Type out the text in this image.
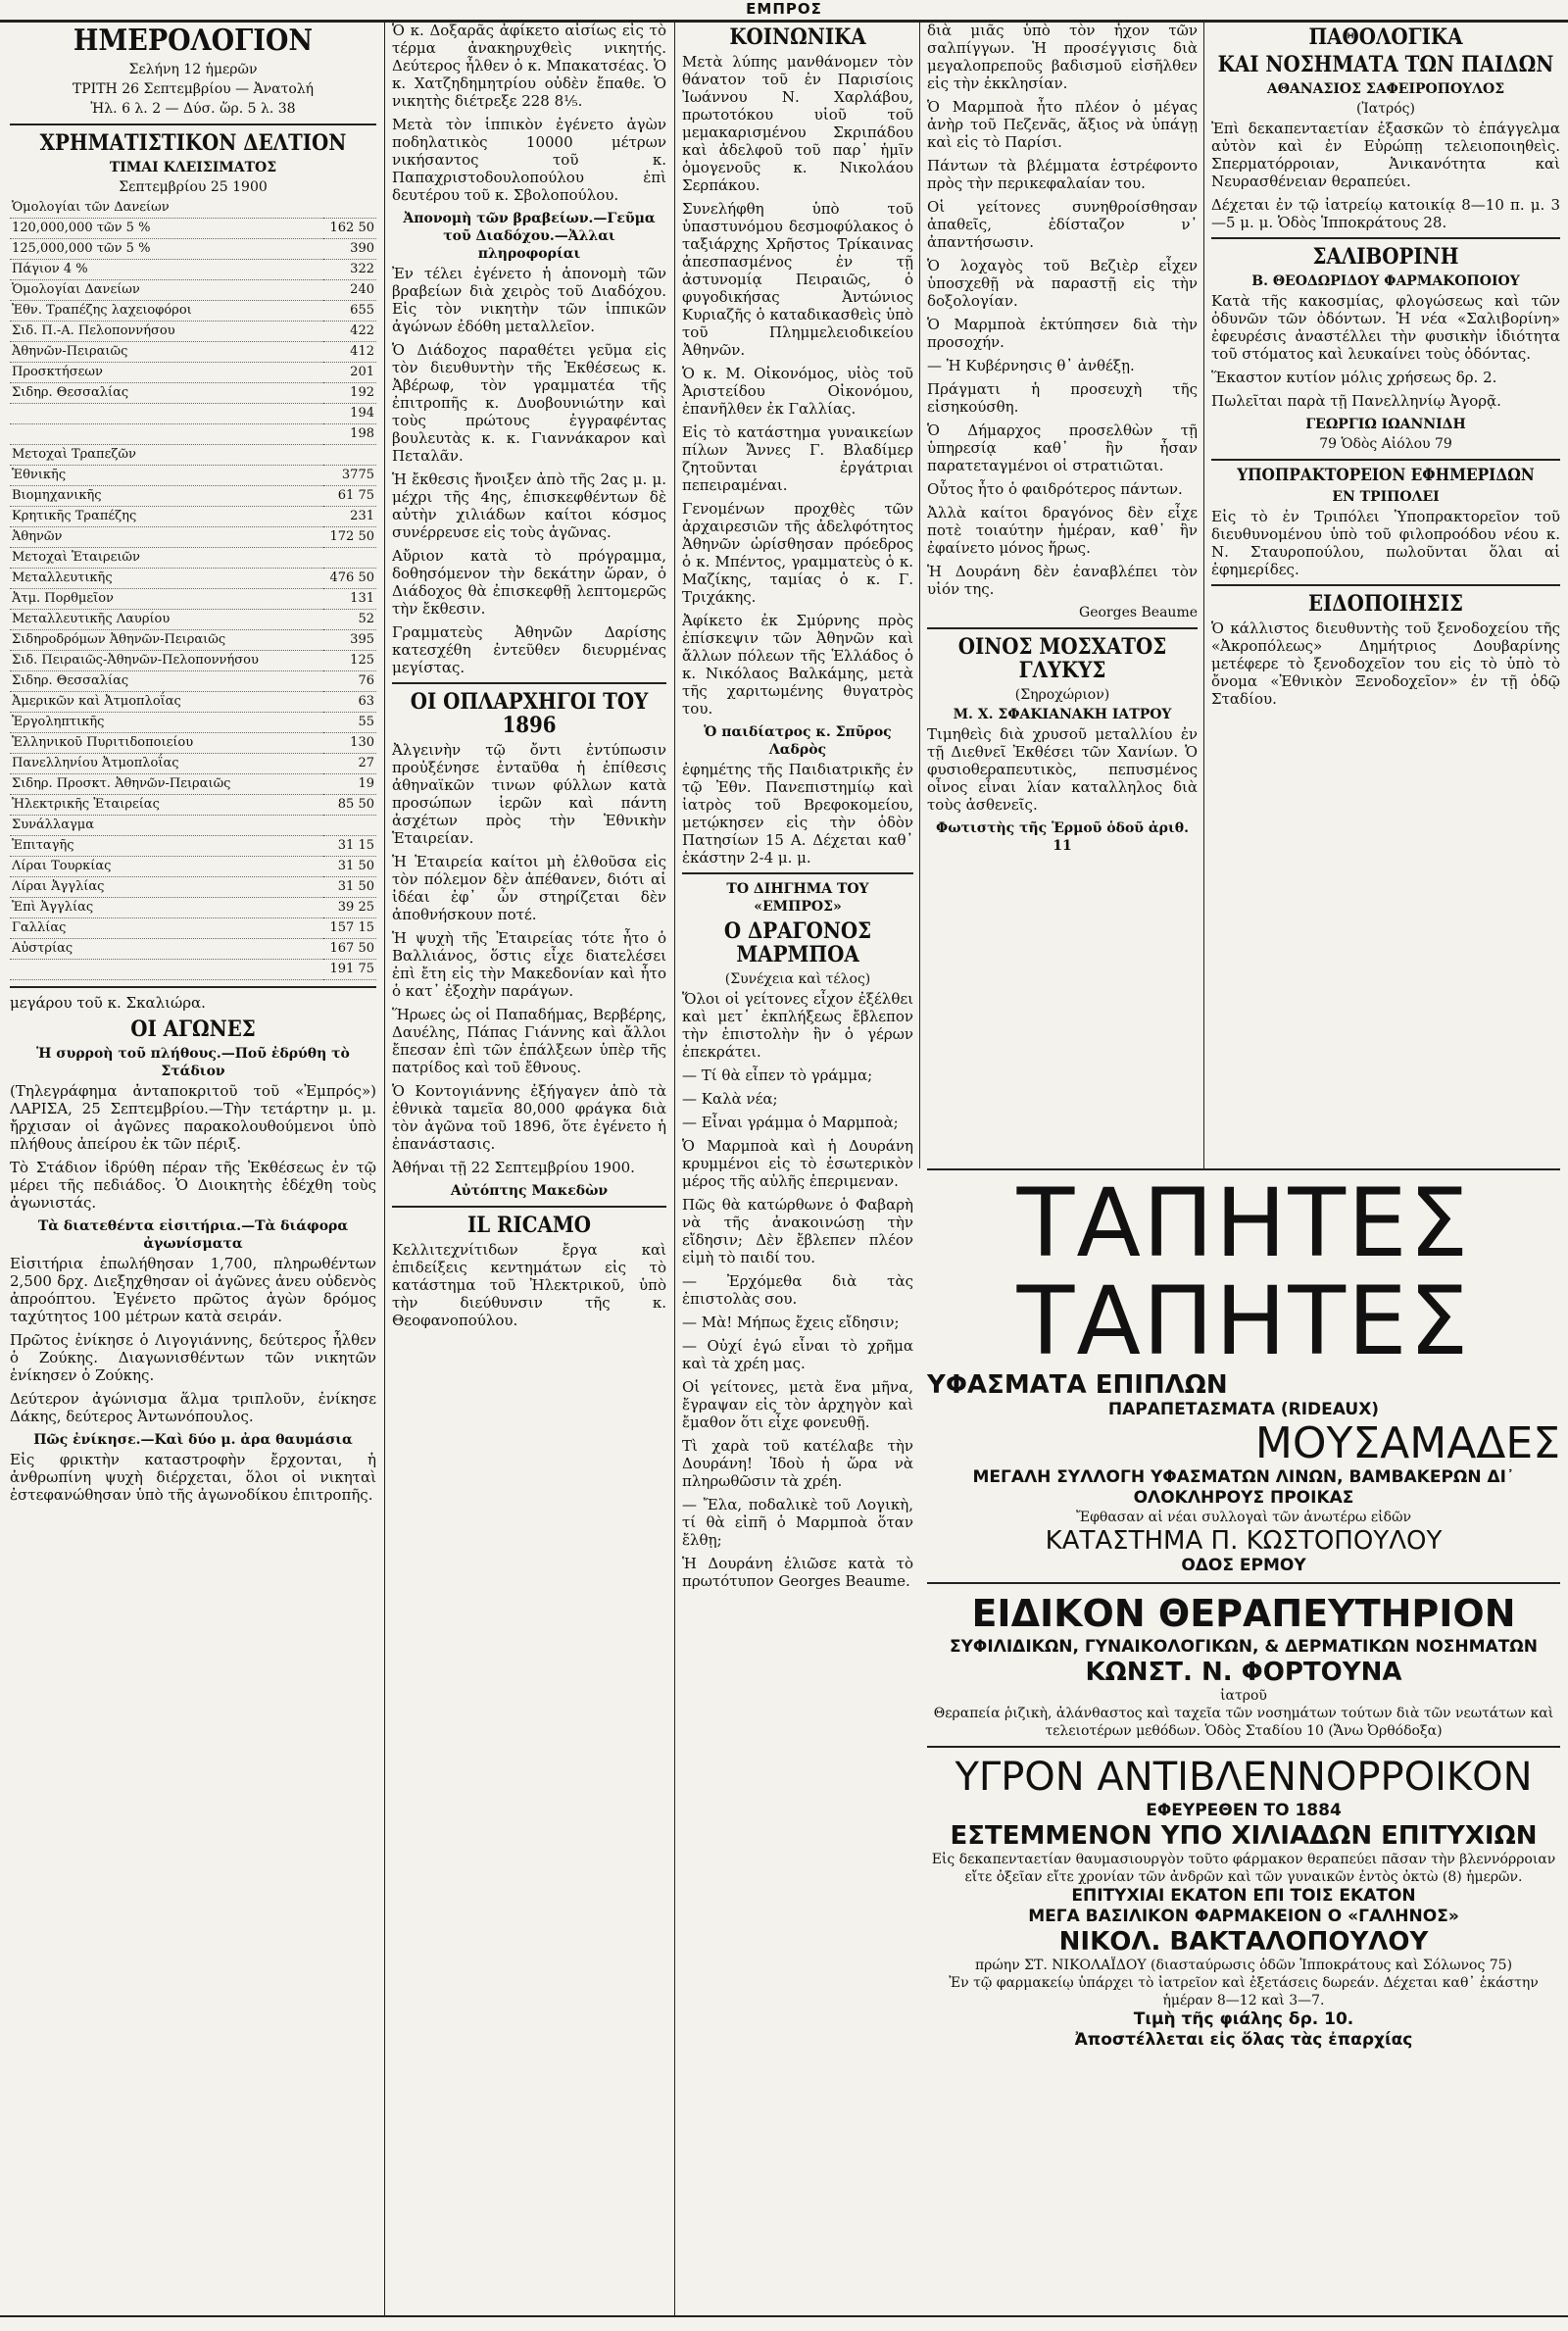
ΕΜΠΡΟΣ
ΗΜΕΡΟΛΟΓΙΟΝ
Σελήνη 12 ἡμερῶν
ΤΡΙΤΗ 26 Σεπτεμβρίου — Ἀνατολή
Ἡλ. 6 λ. 2 — Δύσ. ὥρ. 5 λ. 38
ΧΡΗΜΑΤΙΣΤΙΚΟΝ ΔΕΛΤΙΟΝ
ΤΙΜΑΙ ΚΛΕΙΣΙΜΑΤΟΣ
Σεπτεμβρίου 25 1900
Ὁμολογίαι τῶν Δανείων	
120,000,000 τῶν 5 %	162 50
125,000,000 τῶν 5 %	390
Πάγιον 4 %	322
Ὁμολογίαι Δανείων	240
Ἐθν. Τραπέζης λαχειοφόροι	655
Σιδ. Π.-Α. Πελοποννήσου	422
Ἀθηνῶν-Πειραιῶς	412
Προσκτήσεων	201
Σιδηρ. Θεσσαλίας	192
	194
	198
Μετοχαὶ Τραπεζῶν	
Ἐθνικῆς	3775
Βιομηχανικῆς	61 75
Κρητικῆς Τραπέζης	231
Ἀθηνῶν	172 50
Μετοχαὶ Ἑταιρειῶν	
Μεταλλευτικῆς	476 50
Ἀτμ. Πορθμεῖον	131
Μεταλλευτικῆς Λαυρίου	52
Σιδηροδρόμων Ἀθηνῶν-Πειραιῶς	395
Σιδ. Πειραιῶς-Ἀθηνῶν-Πελοποννήσου	125
Σιδηρ. Θεσσαλίας	76
Ἀμερικῶν καὶ Ἀτμοπλοΐας	63
Ἐργοληπτικῆς	55
Ἑλληνικοῦ Πυριτιδοποιείου	130
Πανελληνίου Ἀτμοπλοΐας	27
Σιδηρ. Προσκτ. Ἀθηνῶν-Πειραιῶς	19
Ἠλεκτρικῆς Ἑταιρείας	85 50
Συνάλλαγμα	
Ἐπιταγῆς	31 15
Λίραι Τουρκίας	31 50
Λίραι Ἀγγλίας	31 50
Ἐπὶ Ἀγγλίας	39 25
Γαλλίας	157 15
Αὐστρίας	167 50
	191 75

μεγάρου τοῦ κ. Σκαλιώρα.

ΟΙ ΑΓΩΝΕΣ
Ἡ συρροὴ τοῦ πλήθους.—Ποῦ ἐδρύθη τὸ Στάδιον

(Τηλεγράφημα ἀνταποκριτοῦ τοῦ «Ἐμπρός») ΛΑΡΙΣΑ, 25 Σεπτεμβρίου.—Τὴν τετάρτην μ. μ. ἤρχισαν οἱ ἀγῶνες παρακολουθούμενοι ὑπὸ πλήθους ἀπείρου ἐκ τῶν πέριξ.

Τὸ Στάδιον ἱδρύθη πέραν τῆς Ἐκθέσεως ἐν τῷ μέρει τῆς πεδιάδος. Ὁ Διοικητὴς ἐδέχθη τοὺς ἀγωνιστάς.

Τὰ διατεθέντα εἰσιτήρια.—Τὰ διάφορα ἀγωνίσματα

Εἰσιτήρια ἐπωλήθησαν 1,700, πληρωθέντων 2,500 δρχ. Διεξηχθησαν οἱ ἀγῶνες ἀνευ οὐδενὸς ἀπροόπτου. Ἐγένετο πρῶτος ἀγὼν δρόμος ταχύτητος 100 μέτρων κατὰ σειράν.

Πρῶτος ἐνίκησε ὁ Λιγογιάννης, δεύτερος ἦλθεν ὁ Ζούκης. Διαγωνισθέντων τῶν νικητῶν ἐνίκησεν ὁ Ζούκης.

Δεύτερον ἀγώνισμα ἅλμα τριπλοῦν, ἐνίκησε Δάκης, δεύτερος Ἀντωνόπουλος.

Πῶς ἐνίκησε.—Καὶ δύο μ. ἀρα θαυμάσια

Εἰς φρικτὴν καταστροφὴν ἔρχονται, ἡ ἀνθρωπίνη ψυχὴ διέρχεται, ὅλοι οἱ νικηταὶ ἐστεφανώθησαν ὑπὸ τῆς ἀγωνοδίκου ἐπιτροπῆς.

Ὁ κ. Δοξαρᾶς ἀφίκετο αἰσίως εἰς τὸ τέρμα ἀνακηρυχθεὶς νικητής. Δεύτερος ἦλθεν ὁ κ. Μπακατσέας. Ὁ κ. Χατζηδημητρίου οὐδὲν ἔπαθε. Ὁ νικητὴς διέτρεξε 228 8⅕.

Μετὰ τὸν ἱππικὸν ἐγένετο ἀγὼν ποδηλατικὸς 10000 μέτρων νικήσαντος τοῦ κ. Παπαχριστοδουλοπούλου ἐπὶ δευτέρου τοῦ κ. Σβολοπούλου.

Ἀπονομὴ τῶν βραβείων.—Γεῦμα τοῦ Διαδόχου.—Ἀλλαι πληροφορίαι

Ἐν τέλει ἐγένετο ἡ ἀπονομὴ τῶν βραβείων διὰ χειρὸς τοῦ Διαδόχου. Εἰς τὸν νικητὴν τῶν ἱππικῶν ἀγώνων ἐδόθη μεταλλεῖον.

Ὁ Διάδοχος παραθέτει γεῦμα εἰς τὸν διευθυντὴν τῆς Ἐκθέσεως κ. Ἀβέρωφ, τὸν γραμματέα τῆς ἐπιτροπῆς κ. Δυοβουνιώτην καὶ τοὺς πρώτους ἐγγραφέντας βουλευτὰς κ. κ. Γιαννάκαρον καὶ Πεταλᾶν.

Ἡ ἔκθεσις ἤνοιξεν ἀπὸ τῆς 2ας μ. μ. μέχρι τῆς 4ης, ἐπισκεφθέντων δὲ αὐτὴν χιλιάδων καίτοι κόσμος συνέρρευσε εἰς τοὺς ἀγῶνας.

Αὔριον κατὰ τὸ πρόγραμμα, δοθησόμενον τὴν δεκάτην ὥραν, ὁ Διάδοχος θὰ ἐπισκεφθῇ λεπτομερῶς τὴν ἔκθεσιν.

Γραμματεὺς Ἀθηνῶν Δαρίσης κατεσχέθη ἐντεῦθεν διευρμένας μεγίστας.

ΟΙ ΟΠΛΑΡΧΗΓΟΙ ΤΟΥ 1896

Ἀλγεινὴν τῷ ὄντι ἐντύπωσιν προὐξένησε ἐνταῦθα ἡ ἐπίθεσις ἀθηναϊκῶν τινων φύλλων κατὰ προσώπων ἱερῶν καὶ πάντη ἀσχέτων πρὸς τὴν Ἑθνικὴν Ἑταιρείαν.

Ἡ Ἑταιρεία καίτοι μὴ ἐλθοῦσα εἰς τὸν πόλεμον δὲν ἀπέθανεν, διότι αἱ ἰδέαι ἐφ᾽ ὧν στηρίζεται δὲν ἀποθνήσκουν ποτέ.

Ἡ ψυχὴ τῆς Ἑταιρείας τότε ἦτο ὁ Βαλλιάνος, ὅστις εἶχε διατελέσει ἐπὶ ἔτη εἰς τὴν Μακεδονίαν καὶ ἦτο ὁ κατ᾽ ἐξοχὴν παράγων.

Ἥρωες ὡς οἱ Παπαδήμας, Βερβέρης, Δαυέλης, Πάπας Γιάννης καὶ ἄλλοι ἔπεσαν ἐπὶ τῶν ἐπάλξεων ὑπὲρ τῆς πατρίδος καὶ τοῦ ἔθνους.

Ὁ Κοντογιάννης ἐξήγαγεν ἀπὸ τὰ ἐθνικὰ ταμεῖα 80,000 φράγκα διὰ τὸν ἀγῶνα τοῦ 1896, ὅτε ἐγένετο ἡ ἐπανάστασις.

Ἀθήναι τῇ 22 Σεπτεμβρίου 1900.

Αὐτόπτης Μακεδὼν
IL RICAMO

Κελλιτεχνίτιδων ἔργα καὶ ἐπιδείξεις κεντημάτων εἰς τὸ κατάστημα τοῦ Ἠλεκτρικοῦ, ὑπὸ τὴν διεύθυνσιν τῆς κ. Θεοφανοπούλου.

ΚΟΙΝΩΝΙΚΑ

Μετὰ λύπης μανθάνομεν τὸν θάνατον τοῦ ἐν Παρισίοις Ἰωάννου Ν. Χαρλάβου, πρωτοτόκου υἱοῦ τοῦ μεμακαρισμένου Σκριπάδου καὶ ἀδελφοῦ τοῦ παρ᾽ ἡμῖν ὁμογενοῦς κ. Νικολάου Σερπάκου.

Συνελήφθη ὑπὸ τοῦ ὑπαστυνόμου δεσμοφύλακος ὁ ταξιάρχης Χρῆστος Τρίκαινας ἀπεσπασμένος ἐν τῇ ἀστυνομίᾳ Πειραιῶς, ὁ φυγοδικήσας Ἀντώνιος Κυριαζῆς ὁ καταδικασθεὶς ὑπὸ τοῦ Πλημμελειοδικείου Ἀθηνῶν.

Ὁ κ. Μ. Οἰκονόμος, υἱὸς τοῦ Ἀριστείδου Οἰκονόμου, ἐπανῆλθεν ἐκ Γαλλίας.

Εἰς τὸ κατάστημα γυναικείων πίλων Ἄννες Γ. Βλαδίμερ ζητοῦνται ἐργάτριαι πεπειραμέναι.

Γενομένων προχθὲς τῶν ἀρχαιρεσιῶν τῆς ἀδελφότητος Ἀθηνῶν ὡρίσθησαν πρόεδρος ὁ κ. Μπέντος, γραμματεὺς ὁ κ. Μαζίκης, ταμίας ὁ κ. Γ. Τριχάκης.

Ἀφίκετο ἐκ Σμύρνης πρὸς ἐπίσκεψιν τῶν Ἀθηνῶν καὶ ἄλλων πόλεων τῆς Ἑλλάδος ὁ κ. Νικόλαος Βαλκάμης, μετὰ τῆς χαριτωμένης θυγατρὸς του.

Ὁ παιδίατρος κ. Σπῦρος Λαδρὸς

ἐφημέτης τῆς Παιδιατρικῆς ἐν τῷ Ἐθν. Πανεπιστημίῳ καὶ ἰατρὸς τοῦ Βρεφοκομείου, μετῴκησεν εἰς τὴν ὁδὸν Πατησίων 15 Α. Δέχεται καθ᾽ ἑκάστην 2-4 μ. μ.

ΤΟ ΔΙΗΓΗΜΑ ΤΟΥ «ΕΜΠΡΟΣ»
Ο ΔΡΑΓΟΝΟΣ ΜΑΡΜΠΟΑ
(Συνέχεια καὶ τέλος)

Ὅλοι οἱ γείτονες εἶχον ἐξέλθει καὶ μετ᾽ ἐκπλήξεως ἔβλεπον τὴν ἐπιστολὴν ἣν ὁ γέρων ἐπεκράτει.

— Τί θὰ εἶπεν τὸ γράμμα;

— Καλὰ νέα;

— Εἶναι γράμμα ὁ Μαρμποὰ;

Ὁ Μαρμποὰ καὶ ἡ Δουράνη κρυμμένοι εἰς τὸ ἐσωτερικὸν μέρος τῆς αὐλῆς ἐπεριμεναν.

Πῶς θὰ κατώρθωνε ὁ Φαβαρὴ νὰ τῆς ἀνακοινώσῃ τὴν εἴδησιν; Δὲν ἔβλεπεν πλέον εἰμὴ τὸ παιδί του.

— Ἐρχόμεθα διὰ τὰς ἐπιστολὰς σου.

— Μὰ! Μήπως ἔχεις εἴδησιν;

— Οὐχί ἐγώ εἶναι τὸ χρῆμα καὶ τὰ χρέη μας.

Οἱ γείτονες, μετὰ ἕνα μῆνα, ἔγραψαν εἰς τὸν ἀρχηγὸν καὶ ἔμαθον ὅτι εἶχε φονευθῇ.

Τὶ χαρὰ τοῦ κατέλαβε τὴν Δουράνη! Ἰδοὺ ἡ ὥρα νὰ πληρωθῶσιν τὰ χρέη.

— Ἔλα, ποδαλικὲ τοῦ Λογικὴ, τί θὰ εἰπῆ ὁ Μαρμποὰ ὅταν ἔλθῃ;

Ἡ Δουράνη ἐλιῶσε κατὰ τὸ πρωτότυπον Georges Beaume.

διὰ μιᾶς ὑπὸ τὸν ἦχον τῶν σαλπίγγων. Ἡ προσέγγισις διὰ μεγαλοπρεποῦς βαδισμοῦ εἰσῆλθεν εἰς τὴν ἐκκλησίαν.

Ὁ Μαρμποὰ ἦτο πλέον ὁ μέγας ἀνὴρ τοῦ Πεζενᾶς, ἄξιος νὰ ὑπάγῃ καὶ εἰς τὸ Παρίσι.

Πάντων τὰ βλέμματα ἐστρέφοντο πρὸς τὴν περικεφαλαίαν του.

Οἱ γείτονες συνηθροίσθησαν ἀπαθεῖς, ἐδίσταζον ν᾽ ἀπαντήσωσιν.

Ὁ λοχαγὸς τοῦ Βεζιὲρ εἶχεν ὑποσχεθῇ νὰ παραστῇ εἰς τὴν δοξολογίαν.

Ὁ Μαρμποὰ ἐκτύπησεν διὰ τὴν προσοχήν.

— Ἡ Κυβέρνησις θ᾽ ἀνθέξῃ.

Πράγματι ἡ προσευχὴ τῆς εἰσηκούσθη.

Ὁ Δήμαρχος προσελθὼν τῇ ὑπηρεσίᾳ καθ᾽ ἣν ἦσαν παρατεταγμένοι οἱ στρατιῶται.

Οὗτος ἦτο ὁ φαιδρότερος πάντων.

Ἀλλὰ καίτοι δραγόνος δὲν εἶχε ποτὲ τοιαύτην ἡμέραν, καθ᾽ ἣν ἐφαίνετο μόνος ἥρως.

Ἡ Δουράνη δὲν ἐαναβλέπει τὸν υἱόν της.

Georges Beaume
ΟΙΝΟΣ ΜΟΣΧΑΤΟΣ ΓΛΥΚΥΣ
(Σηροχώριον)
Μ. Χ. ΣΦΑΚΙΑΝΑΚΗ ΙΑΤΡΟΥ

Τιμηθεὶς διὰ χρυσοῦ μεταλλίου ἐν τῇ Διεθνεῖ Ἐκθέσει τῶν Χανίων. Ὁ φυσιοθεραπευτικὸς, πεπυσμένος οἶνος εἶναι λίαν καταλληλος διὰ τοὺς ἀσθενεῖς.

Φωτιστὴς τῆς Ἑρμοῦ ὁδοῦ ἀριθ. 11
ΠΑΘΟΛΟΓΙΚΑ
ΚΑΙ ΝΟΣΗΜΑΤΑ ΤΩΝ ΠΑΙΔΩΝ
ΑΘΑΝΑΣΙΟΣ ΣΑΦΕΙΡΟΠΟΥΛΟΣ
(Ἰατρός)

Ἐπὶ δεκαπενταετίαν ἐξασκῶν τὸ ἐπάγγελμα αὐτὸν καὶ ἐν Εὐρώπῃ τελειοποιηθεὶς. Σπερματόρροιαν, Ἀνικανότητα καὶ Νευρασθένειαν θεραπεύει.

Δέχεται ἐν τῷ ἰατρείῳ κατοικίᾳ 8—10 π. μ. 3—5 μ. μ. Ὁδὸς Ἱπποκράτους 28.

ΣΑΛΙΒΟΡΙΝΗ
Β. ΘΕΟΔΩΡΙΔΟΥ ΦΑΡΜΑΚΟΠΟΙΟΥ

Κατὰ τῆς κακοσμίας, φλογώσεως καὶ τῶν ὀδυνῶν τῶν ὀδόντων. Ἡ νέα «Σαλιβορίνη» ἐφευρέσις ἀναστέλλει τὴν φυσικὴν ἰδιότητα τοῦ στόματος καὶ λευκαίνει τοὺς ὀδόντας.

Ἕκαστον κυτίον μόλις χρήσεως δρ. 2.

Πωλεῖται παρὰ τῇ Πανελληνίῳ Ἀγορᾷ.

ΓΕΩΡΓΙΩ ΙΩΑΝΝΙΔΗ
79 Ὁδὸς Αἰόλου 79
ΥΠΟΠΡΑΚΤΟΡΕΙΟΝ ΕΦΗΜΕΡΙΔΩΝ
ΕΝ ΤΡΙΠΟΛΕΙ

Εἰς τὸ ἐν Τριπόλει Ὑποπρακτορεῖον τοῦ διευθυνομένου ὑπὸ τοῦ φιλοπροόδου νέου κ. Ν. Σταυροπούλου, πωλοῦνται ὅλαι αἱ ἐφημερίδες.

ΕΙΔΟΠΟΙΗΣΙΣ

Ὁ κάλλιστος διευθυντὴς τοῦ ξενοδοχείου τῆς «Ἀκροπόλεως» Δημήτριος Δουβαρίνης μετέφερε τὸ ξενοδοχεῖον του εἰς τὸ ὑπὸ τὸ ὄνομα «Ἐθνικὸν Ξενοδοχεῖον» ἐν τῇ ὁδῷ Σταδίου.

ΤΑΠΗΤΕΣ ΤΑΠΗΤΕΣ
ΥΦΑΣΜΑΤΑ ΕΠΙΠΛΩΝ
ΠΑΡΑΠΕΤΑΣΜΑΤΑ (RIDEAUX)
ΜΟΥΣΑΜΑΔΕΣ
ΜΕΓΑΛΗ ΣΥΛΛΟΓΗ ΥΦΑΣΜΑΤΩΝ ΛΙΝΩΝ, ΒΑΜΒΑΚΕΡΩΝ ΔΙ᾽ ΟΛΟΚΛΗΡΟΥΣ ΠΡΟΙΚΑΣ
Ἔφθασαν αἱ νέαι συλλογαὶ τῶν ἀνωτέρω εἰδῶν
ΚΑΤΑΣΤΗΜΑ Π. ΚΩΣΤΟΠΟΥΛΟΥ
ΟΔΟΣ ΕΡΜΟΥ
ΕΙΔΙΚΟΝ ΘΕΡΑΠΕΥΤΗΡΙΟΝ
ΣΥΦΙΛΙΔΙΚΩΝ, ΓΥΝΑΙΚΟΛΟΓΙΚΩΝ, & ΔΕΡΜΑΤΙΚΩΝ ΝΟΣΗΜΑΤΩΝ
ΚΩΝΣΤ. Ν. ΦΟΡΤΟΥΝΑ
ἰατροῦ
Θεραπεία ῥιζικὴ, ἀλάνθαστος καὶ ταχεῖα τῶν νοσημάτων τούτων διὰ τῶν νεωτάτων καὶ τελειοτέρων μεθόδων. Ὁδὸς Σταδίου 10 (Ἄνω Ὀρθόδοξα)
ΥΓΡΟΝ ΑΝΤΙΒΛΕΝΝΟΡΡΟΙΚΟΝ
ΕΦΕΥΡΕΘΕΝ ΤΟ 1884
ΕΣΤΕΜΜΕΝΟΝ ΥΠΟ ΧΙΛΙΑΔΩΝ ΕΠΙΤΥΧΙΩΝ
Εἰς δεκαπενταετίαν θαυμασιουργὸν τοῦτο φάρμακον θεραπεύει πᾶσαν τὴν βλεννόρροιαν εἴτε ὀξεῖαν εἴτε χρονίαν τῶν ἀνδρῶν καὶ τῶν γυναικῶν ἐντὸς ὀκτὼ (8) ἡμερῶν.
ΕΠΙΤΥΧΙΑΙ ΕΚΑΤΟΝ ΕΠΙ ΤΟΙΣ ΕΚΑΤΟΝ
ΜΕΓΑ ΒΑΣΙΛΙΚΟΝ ΦΑΡΜΑΚΕΙΟΝ Ο «ΓΑΛΗΝΟΣ»
ΝΙΚΟΛ. ΒΑΚΤΑΛΟΠΟΥΛΟΥ
πρώην ΣΤ. ΝΙΚΟΛΑΪΔΟΥ (διασταύρωσις ὁδῶν Ἱπποκράτους καὶ Σόλωνος 75)
Ἐν τῷ φαρμακείῳ ὑπάρχει τὸ ἰατρεῖον καὶ ἐξετάσεις δωρεάν. Δέχεται καθ᾽ ἑκάστην ἡμέραν 8—12 καὶ 3—7.
Τιμὴ τῆς φιάλης δρ. 10.
Ἀποστέλλεται εἰς ὅλας τὰς ἐπαρχίας
